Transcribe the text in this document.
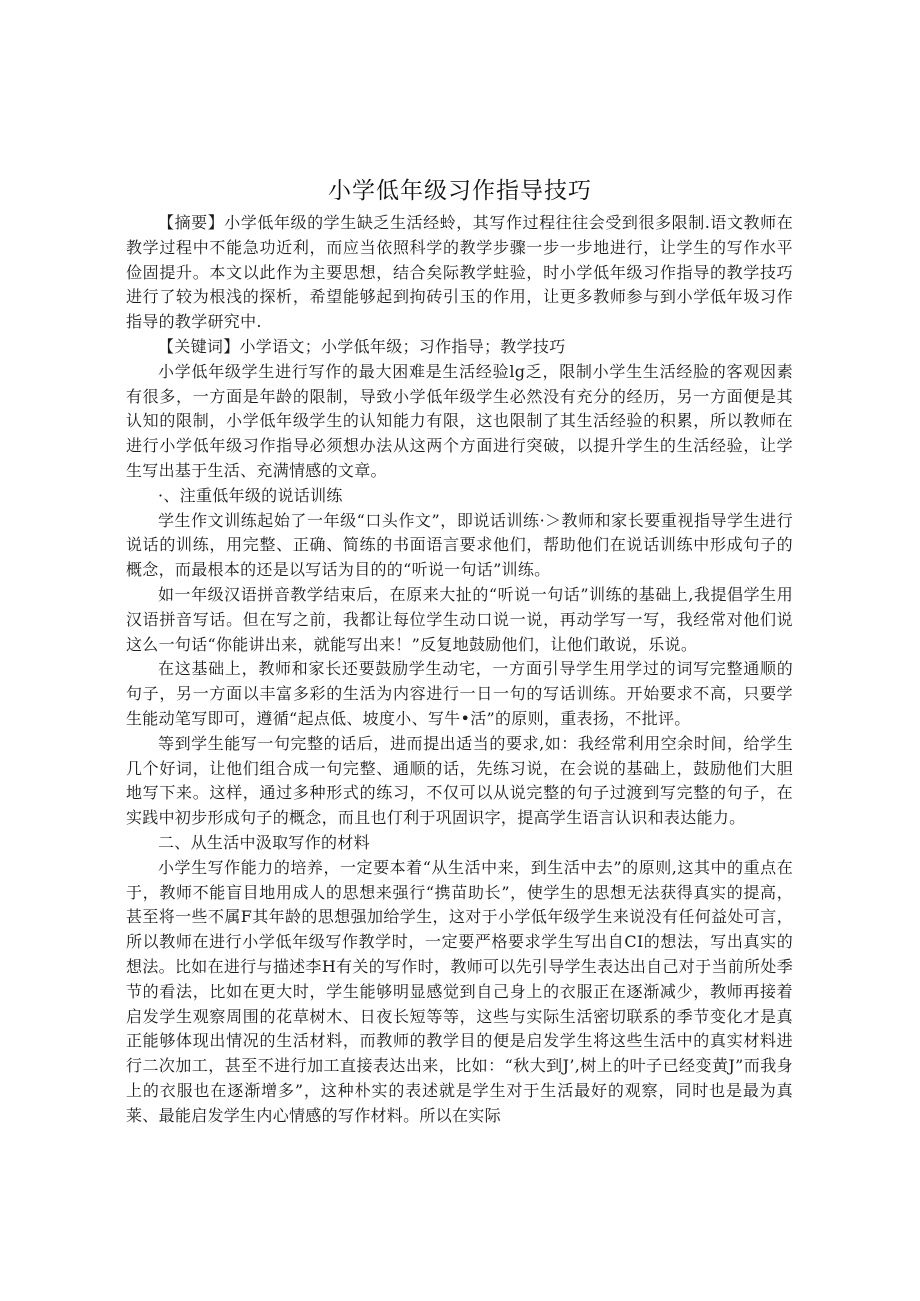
小学低年级习作指导技巧

【摘要】小学低年级的学生缺乏生活经蛉，其写作过程往往会受到很多限制.语文教师在教学过程中不能急功近利，而应当依照科学的教学步骤一步一步地进行，让学生的写作水平俭固提升。本文以此作为主要思想，结合矣际教学蛀验，时小学低年级习作指导的教学技巧进行了较为根浅的探析，希望能够起到拘砖引玉的作用，让更多教师参与到小学低年圾习作指导的教学研究中.

【关键词】小学语文；小学低年级；习作指导；教学技巧

小学低年级学生进行写作的最大困难是生活经验lg乏，限制小学生生活经脸的客观因素有很多，一方面是年龄的限制，导致小学低年级学生必然没有充分的经历，另一方面便是其认知的限制，小学低年级学生的认知能力有限，这也限制了其生活经验的积累，所以教师在进行小学低年级习作指导必须想办法从这两个方面进行突破，以提升学生的生活经验，让学生写出基于生活、充满情感的文章。

·、注重低年级的说话训练

学生作文训练起始了一年级“口头作文”，即说话训练·＞教师和家长要重视指导学生进行说话的训练，用完整、正确、简练的书面语言要求他们，帮助他们在说话训练中形成句子的概念，而最根本的还是以写话为目的的“听说一句话”训练。

如一年级汉语拼音教学结束后，在原来大扯的“听说一句话”训练的基础上,我提倡学生用汉语拼音写话。但在写之前，我都让每位学生动口说一说，再动学写一写，我经常对他们说这么一句话“你能讲出来，就能写出来！”反复地鼓励他们，让他们敢说，乐说。

在这基础上，教师和家长还要鼓励学生动宅，一方面引导学生用学过的词写完整通顺的句子，另一方面以丰富多彩的生活为内容进行一日一句的写话训练。开始要求不高，只要学生能动笔写即可，遵循“起点低、坡度小、写牛•活”的原则，重表扬，不批评。

等到学生能写一句完整的话后，进而提出适当的要求,如：我经常利用空余时间，给学生几个好词，让他们组合成一句完整、通顺的话，先练习说，在会说的基础上，鼓励他们大胆地写下来。这样，通过多种形式的练习，不仅可以从说完整的句子过渡到写完整的句子，在实践中初步形成句子的概念，而且也仃利于巩固识字，提高学生语言认识和表达能力。

二、从生活中汲取写作的材料

小学生写作能力的培养，一定要本着“从生活中来，到生活中去”的原则,这其中的重点在于，教师不能盲目地用成人的思想来强行“携苗助长”，使学生的思想无法获得真实的提高，甚至将一些不属F其年龄的思想强加给学生，这对于小学低年级学生来说没有任何益处可言，所以教师在进行小学低年级写作教学时，一定要严格要求学生写出自CI的想法，写出真实的想法。比如在进行与描述李H有关的写作时，教师可以先引导学生表达出自己对于当前所处季节的看法，比如在更大时，学生能够明显感觉到自己身上的衣服正在逐渐减少，教师再接着启发学生观察周围的花草树木、日夜长短等等，这些与实际生活密切联系的季节变化才是真正能够体现出情况的生活材料，而教师的教学目的便是启发学生将这些生活中的真实材料进行二次加工，甚至不进行加工直接表达出来，比如：“秋大到J’,树上的叶子已经变黄J”而我身上的衣服也在逐渐增多”，这种朴实的表述就是学生对于生活最好的观察，同时也是最为真莱、最能启发学生内心情感的写作材料。所以在实际
